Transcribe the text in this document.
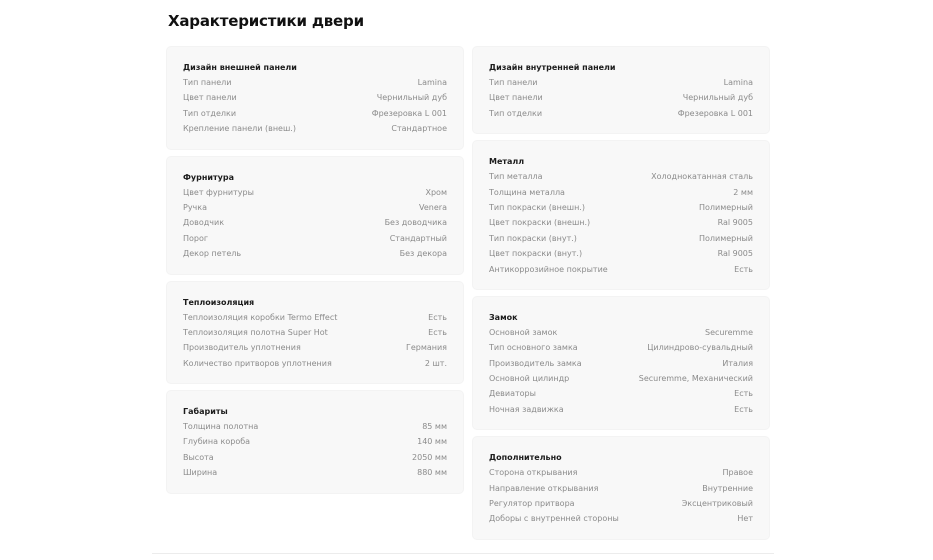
Характеристики двери
Дизайн внешней панели
Тип панели	Lamina
Цвет панели	Чернильный дуб
Тип отделки	Фрезеровка L 001
Крепление панели (внеш.)	Стандартное
Фурнитура
Цвет фурнитуры	Хром
Ручка	Venera
Доводчик	Без доводчика
Порог	Стандартный
Декор петель	Без декора
Теплоизоляция
Теплоизоляция коробки Termo Effect	Есть
Теплоизоляция полотна Super Hot	Есть
Производитель уплотнения	Германия
Количество притворов уплотнения	2 шт.
Габариты
Толщина полотна	85 мм
Глубина короба	140 мм
Высота	2050 мм
Ширина	880 мм
Дизайн внутренней панели
Тип панели	Lamina
Цвет панели	Чернильный дуб
Тип отделки	Фрезеровка L 001
Металл
Тип металла	Холоднокатанная сталь
Толщина металла	2 мм
Тип покраски (внешн.)	Полимерный
Цвет покраски (внешн.)	Ral 9005
Тип покраски (внут.)	Полимерный
Цвет покраски (внут.)	Ral 9005
Антикоррозийное покрытие	Есть
Замок
Основной замок	Securemme
Тип основного замка	Цилиндрово-сувальдный
Производитель замка	Италия
Основной цилиндр	Securemme, Механический
Девиаторы	Есть
Ночная задвижка	Есть
Дополнительно
Сторона открывания	Правое
Направление открывания	Внутренние
Регулятор притвора	Эксцентриковый
Доборы с внутренней стороны	Нет
